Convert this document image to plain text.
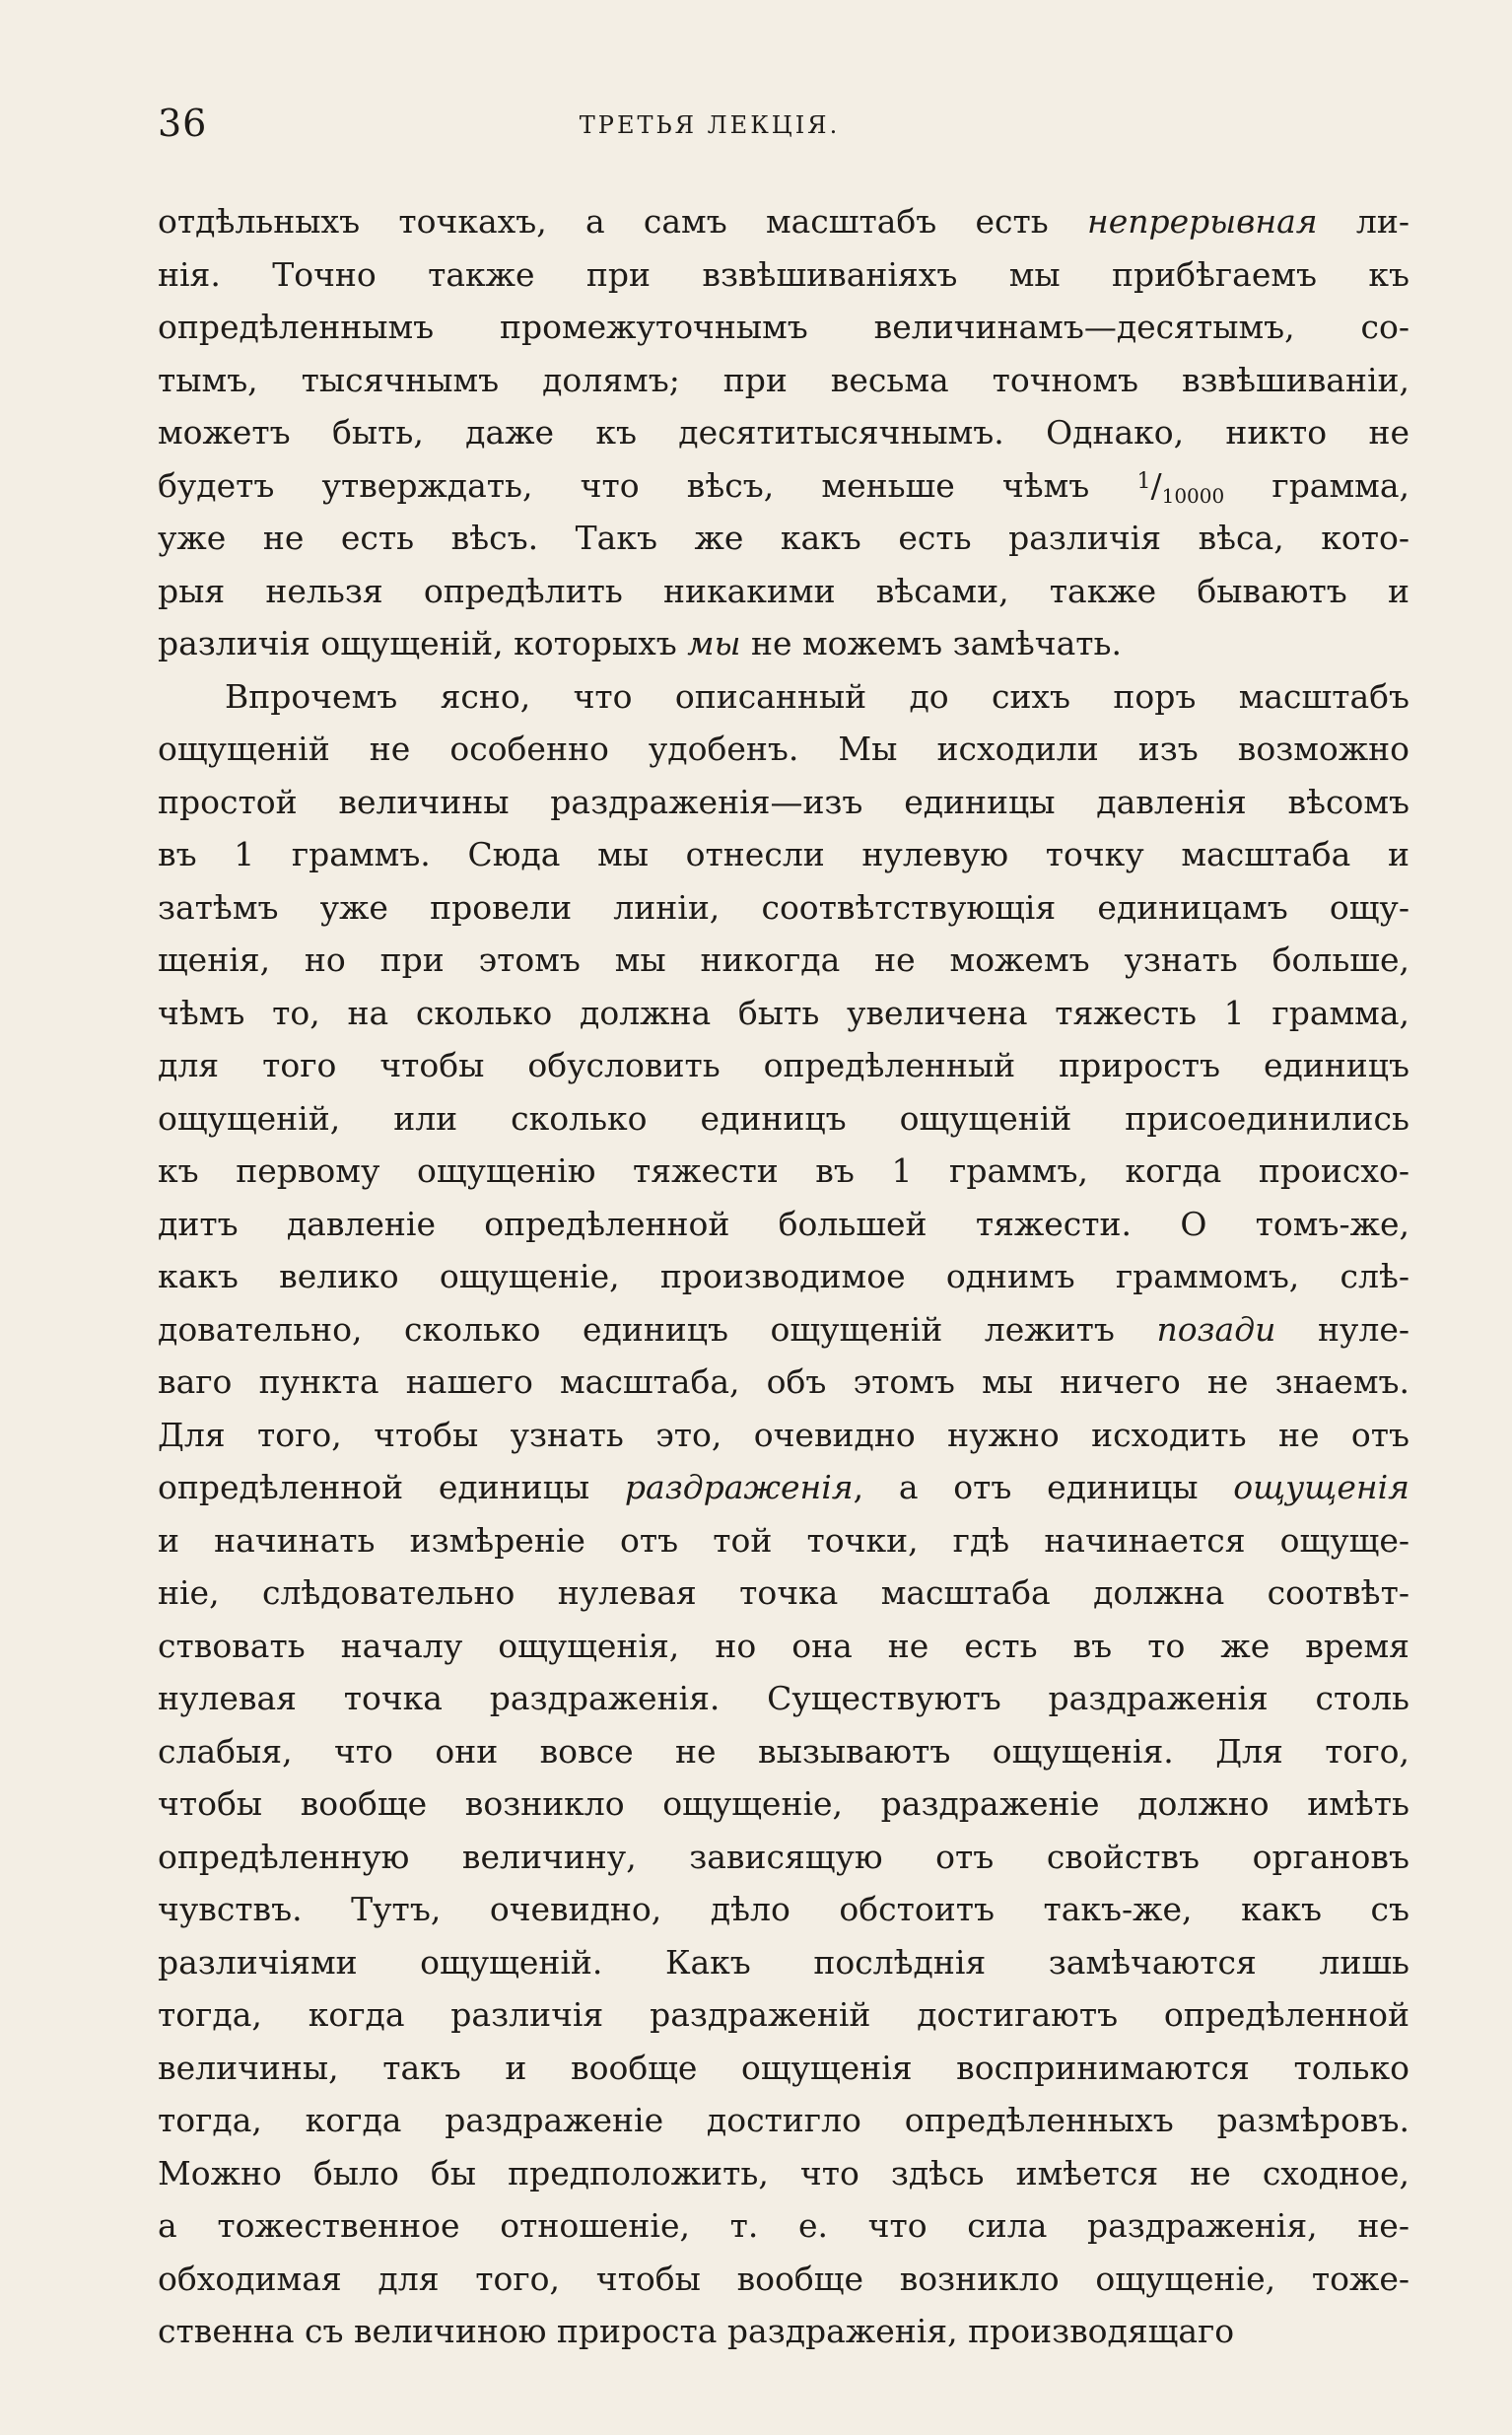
36	ТРЕТЬЯ ЛЕКЦІЯ.
отдѣльныхъ точкахъ, а самъ масштабъ есть непрерывная ли-
нія. Точно также при взвѣшиваніяхъ мы прибѣгаемъ къ
опредѣленнымъ промежуточнымъ величинамъ—десятымъ, со-
тымъ, тысячнымъ долямъ; при весьма точномъ взвѣшиваніи,
можетъ быть, даже къ десятитысячнымъ. Однако, никто не
будетъ утверждать, что вѣсъ, меньше чѣмъ $^1/_{10000}$ грамма,
уже не есть вѣсъ. Такъ же какъ есть различія вѣса, кото-
рыя нельзя опредѣлить никакими вѣсами, также бываютъ и
различія ощущеній, которыхъ мы не можемъ замѣчать.
Впрочемъ ясно, что описанный до сихъ поръ масштабъ
ощущеній не особенно удобенъ. Мы исходили изъ возможно
простой величины раздраженія—изъ единицы давленія вѣсомъ
въ 1 граммъ. Сюда мы отнесли нулевую точку масштаба и
затѣмъ уже провели линіи, соотвѣтствующія единицамъ ощу-
щенія, но при этомъ мы никогда не можемъ узнать больше,
чѣмъ то, на сколько должна быть увеличена тяжесть 1 грамма,
для того чтобы обусловить опредѣленный приростъ единицъ
ощущеній, или сколько единицъ ощущеній присоединились
къ первому ощущенію тяжести въ 1 граммъ, когда происхо-
дитъ давленіе опредѣленной большей тяжести. О томъ-же,
какъ велико ощущеніе, производимое однимъ граммомъ, слѣ-
довательно, сколько единицъ ощущеній лежитъ позади нуле-
ваго пункта нашего масштаба, объ этомъ мы ничего не знаемъ.
Для того, чтобы узнать это, очевидно нужно исходить не отъ
опредѣленной единицы раздраженія, а отъ единицы ощущенія
и начинать измѣреніе отъ той точки, гдѣ начинается ощуще-
ніе, слѣдовательно нулевая точка масштаба должна соотвѣт-
ствовать началу ощущенія, но она не есть въ то же время
нулевая точка раздраженія. Существуютъ раздраженія столь
слабыя, что они вовсе не вызываютъ ощущенія. Для того,
чтобы вообще возникло ощущеніе, раздраженіе должно имѣть
опредѣленную величину, зависящую отъ свойствъ органовъ
чувствъ. Тутъ, очевидно, дѣло обстоитъ такъ-же, какъ съ
различіями ощущеній. Какъ послѣднія замѣчаются лишь
тогда, когда различія раздраженій достигаютъ опредѣленной
величины, такъ и вообще ощущенія воспринимаются только
тогда, когда раздраженіе достигло опредѣленныхъ размѣровъ.
Можно было бы предположить, что здѣсь имѣется не сходное,
а тожественное отношеніе, т. е. что сила раздраженія, не-
обходимая для того, чтобы вообще возникло ощущеніе, тоже-
ственна съ величиною прироста раздраженія, производящаго
